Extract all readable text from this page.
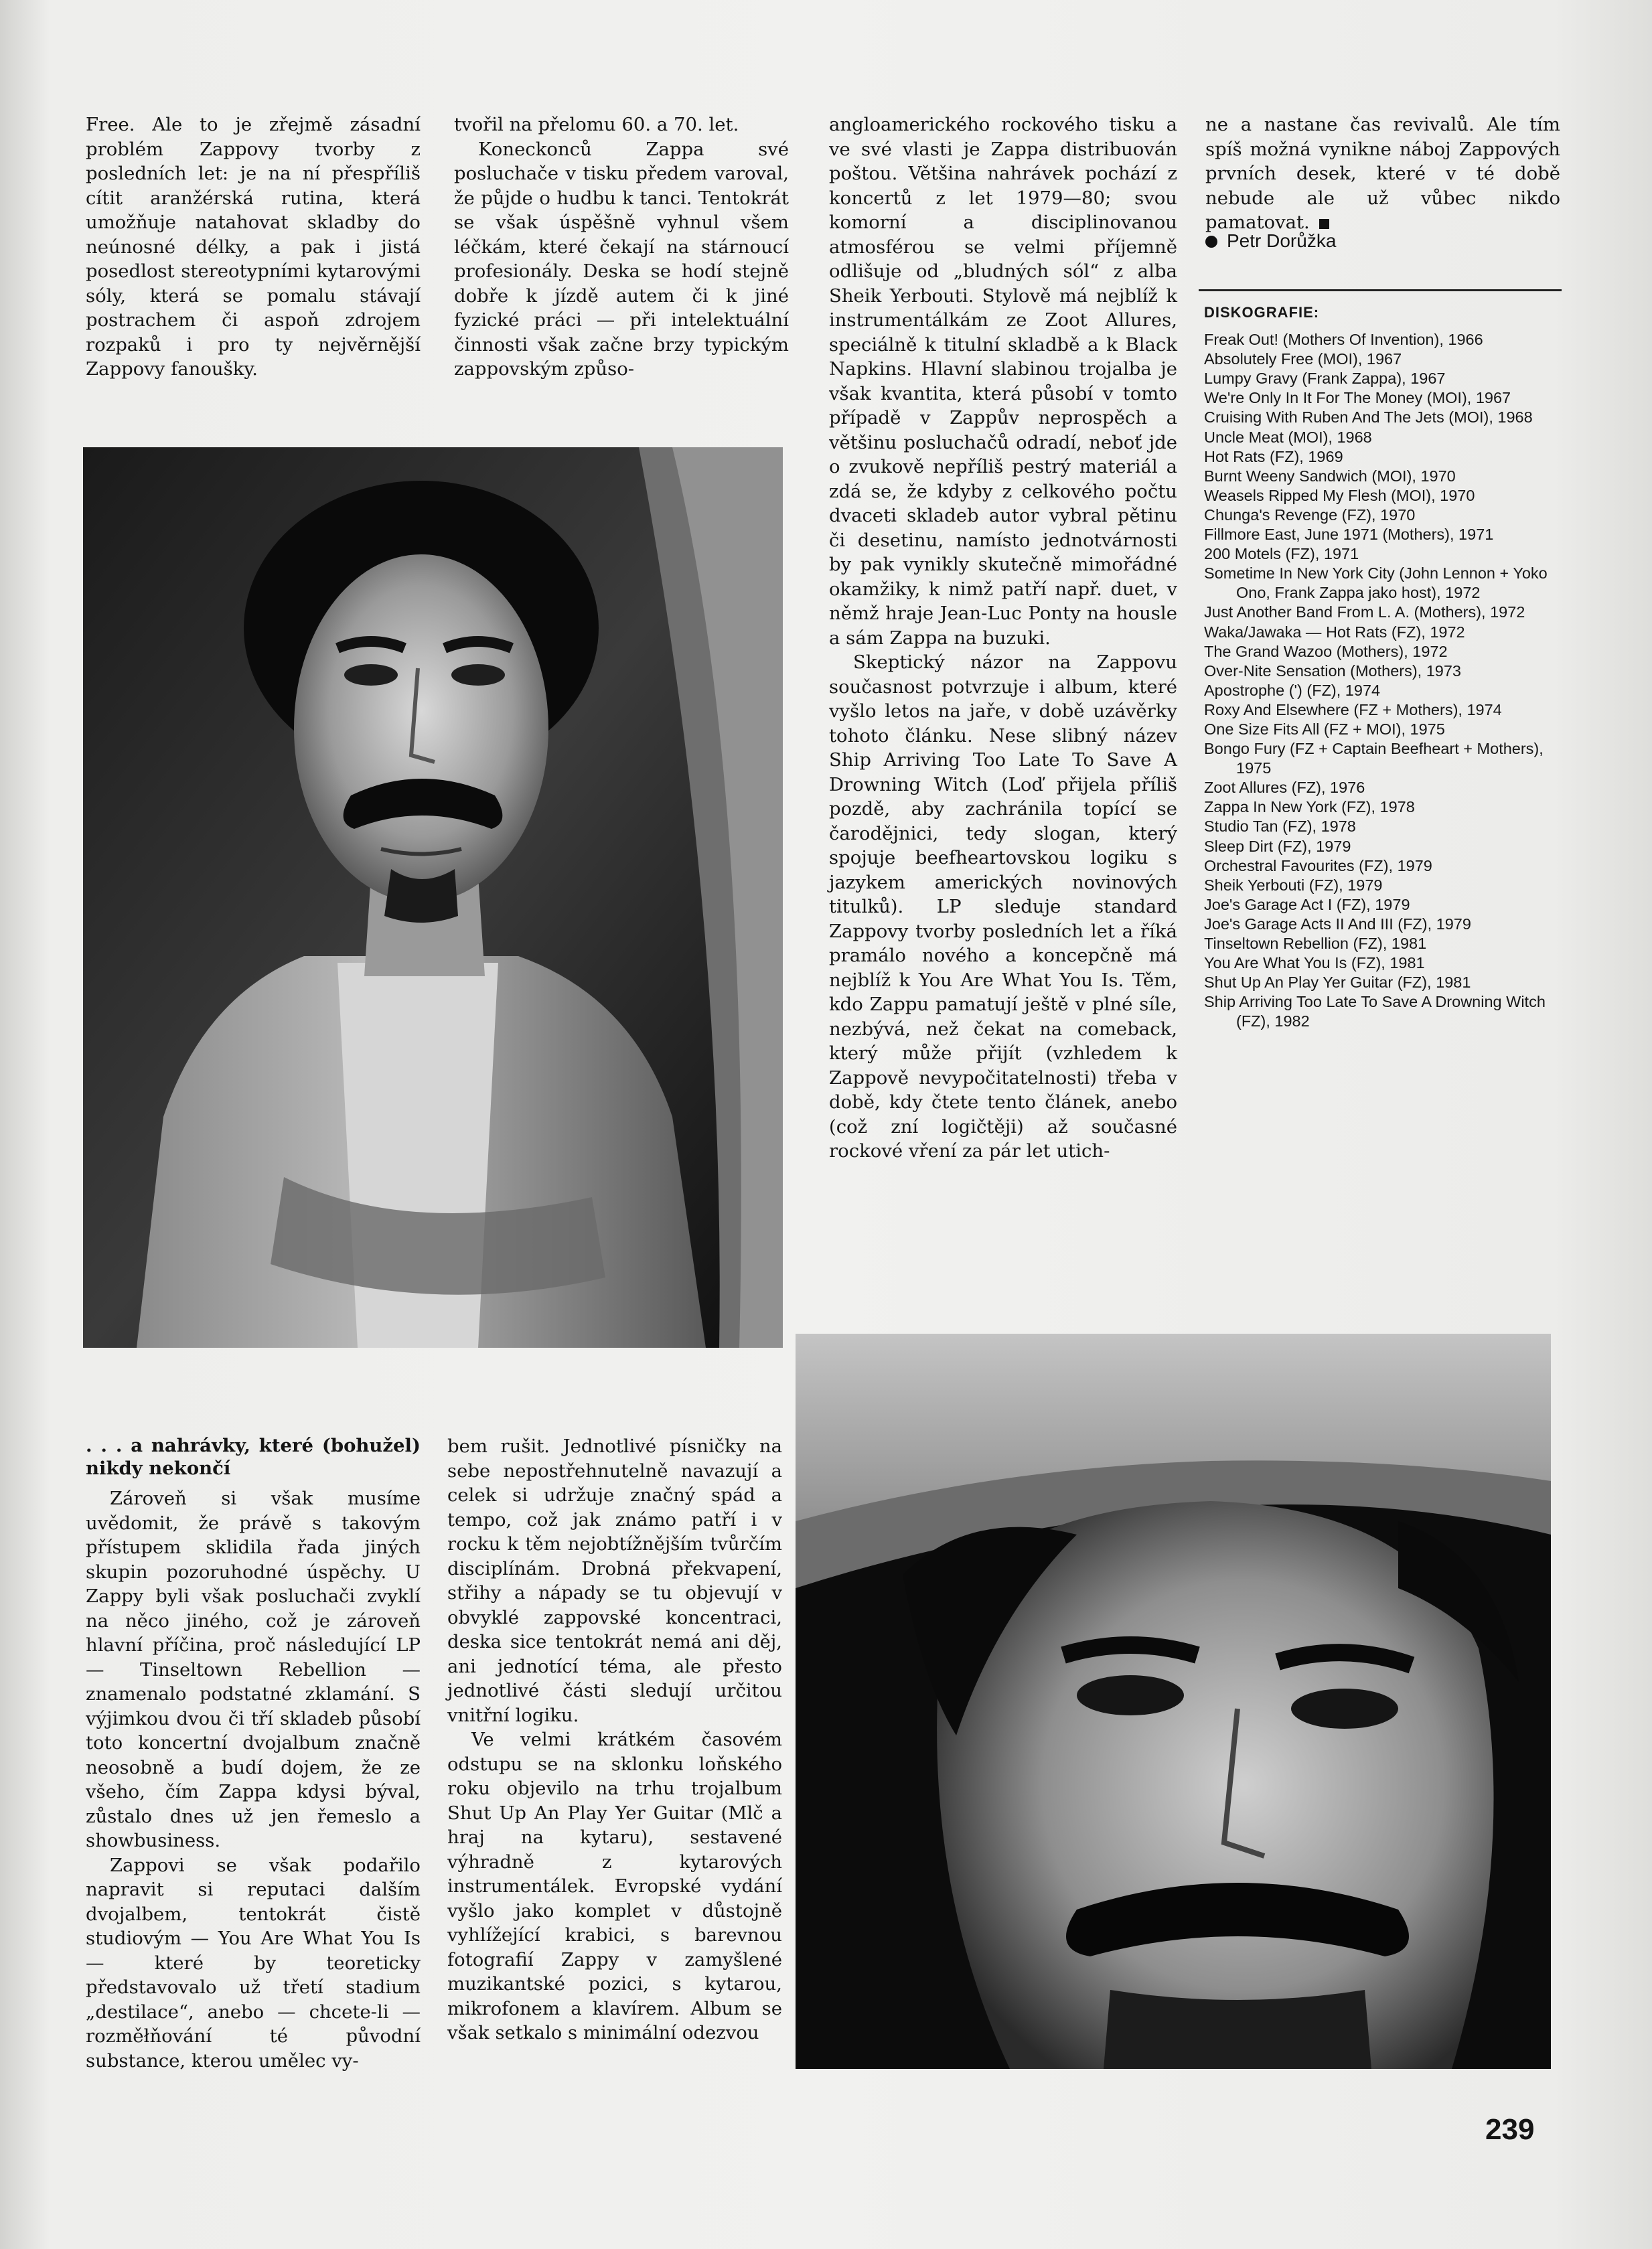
Free. Ale to je zřejmě zásadní problém Zappovy tvorby z posledních let: je na ní přespříliš cítit aranžérská rutina, která umožňuje natahovat skladby do neúnosné délky, a pak i jistá posedlost stereotypními kytarovými sóly, která se pomalu stávají postrachem či aspoň zdrojem rozpaků i pro ty nejvěrnější Zappovy fanoušky.

tvořil na přelomu 60. a 70. let.

Koneckonců Zappa své posluchače v tisku předem varoval, že půjde o hudbu k tanci. Tentokrát se však úspěšně vyhnul všem léčkám, které čekají na stárnoucí profesionály. Deska se hodí stejně dobře k jízdě autem či k jiné fyzické práci — při intelektuální činnosti však začne brzy typickým zappovským způso-

angloamerického rockového tisku a ve své vlasti je Zappa distribuován poštou. Většina nahrávek pochází z koncertů z let 1979—80; svou komorní a disciplinovanou atmosférou se velmi příjemně odlišuje od „bludných sól“ z alba Sheik Yerbouti. Stylově má nejblíž k instrumentálkám ze Zoot Allures, speciálně k titulní skladbě a k Black Napkins. Hlavní slabinou trojalba je však kvantita, která působí v tomto případě v Zappův neprospěch a většinu posluchačů odradí, neboť jde o zvukově nepříliš pestrý materiál a zdá se, že kdyby z celkového počtu dvaceti skladeb autor vybral pětinu či desetinu, namísto jednotvárnosti by pak vynikly skutečně mimořádné okamžiky, k nimž patří např. duet, v němž hraje Jean-Luc Ponty na housle a sám Zappa na buzuki.

Skeptický názor na Zappovu současnost potvrzuje i album, které vyšlo letos na jaře, v době uzávěrky tohoto článku. Nese slibný název Ship Arriving Too Late To Save A Drowning Witch (Loď přijela příliš pozdě, aby zachránila topící se čarodějnici, tedy slogan, který spojuje beefheartovskou logiku s jazykem amerických novinových titulků). LP sleduje standard Zappovy tvorby posledních let a říká pramálo nového a koncepčně má nejblíž k You Are What You Is. Těm, kdo Zappu pamatují ještě v plné síle, nezbývá, než čekat na comeback, který může přijít (vzhledem k Zappově nevypočitatelnosti) třeba v době, kdy čtete tento článek, anebo (což zní logičtěji) až současné rockové vření za pár let utich-

ne a nastane čas revivalů. Ale tím spíš možná vynikne náboj Zappových prvních desek, které v té době nebude ale už vůbec nikdo pamatovat.

Petr Dorůžka
DISKOGRAFIE:
Freak Out! (Mothers Of Invention), 1966
Absolutely Free (MOI), 1967
Lumpy Gravy (Frank Zappa), 1967
We're Only In It For The Money (MOI), 1967
Cruising With Ruben And The Jets (MOI), 1968
Uncle Meat (MOI), 1968
Hot Rats (FZ), 1969
Burnt Weeny Sandwich (MOI), 1970
Weasels Ripped My Flesh (MOI), 1970
Chunga's Revenge (FZ), 1970
Fillmore East, June 1971 (Mothers), 1971
200 Motels (FZ), 1971
Sometime In New York City (John Lennon + Yoko Ono, Frank Zappa jako host), 1972
Just Another Band From L. A. (Mothers), 1972
Waka/Jawaka — Hot Rats (FZ), 1972
The Grand Wazoo (Mothers), 1972
Over-Nite Sensation (Mothers), 1973
Apostrophe (') (FZ), 1974
Roxy And Elsewhere (FZ + Mothers), 1974
One Size Fits All (FZ + MOI), 1975
Bongo Fury (FZ + Captain Beefheart + Mothers), 1975
Zoot Allures (FZ), 1976
Zappa In New York (FZ), 1978
Studio Tan (FZ), 1978
Sleep Dirt (FZ), 1979
Orchestral Favourites (FZ), 1979
Sheik Yerbouti (FZ), 1979
Joe's Garage Act I (FZ), 1979
Joe's Garage Acts II And III (FZ), 1979
Tinseltown Rebellion (FZ), 1981
You Are What You Is (FZ), 1981
Shut Up An Play Yer Guitar (FZ), 1981
Ship Arriving Too Late To Save A Drowning Witch (FZ), 1982

. . . a nahrávky, které (bohužel) nikdy nekončí

Zároveň si však musíme uvědomit, že právě s takovým přístupem sklidila řada jiných skupin pozoruhodné úspěchy. U Zappy byli však posluchači zvyklí na něco jiného, což je zároveň hlavní příčina, proč následující LP — Tinseltown Rebellion — znamenalo podstatné zklamání. S výjimkou dvou či tří skladeb působí toto koncertní dvojalbum značně neosobně a budí dojem, že ze všeho, čím Zappa kdysi býval, zůstalo dnes už jen řemeslo a showbusiness.

Zappovi se však podařilo napravit si reputaci dalším dvojalbem, tentokrát čistě studiovým — You Are What You Is — které by teoreticky představovalo už třetí stadium „destilace“, anebo — chcete-li — rozměłňování té původní substance, kterou umělec vy-

bem rušit. Jednotlivé písničky na sebe nepostřehnutelně navazují a celek si udržuje značný spád a tempo, což jak známo patří i v rocku k těm nejobtížnějším tvůrčím disciplínám. Drobná překvapení, střihy a nápady se tu objevují v obvyklé zappovské koncentraci, deska sice tentokrát nemá ani děj, ani jednotící téma, ale přesto jednotlivé části sledují určitou vnitřní logiku.

Ve velmi krátkém časovém odstupu se na sklonku loňského roku objevilo na trhu trojalbum Shut Up An Play Yer Guitar (Mlč a hraj na kytaru), sestavené výhradně z kytarových instrumentálek. Evropské vydání vyšlo jako komplet v důstojně vyhlížející krabici, s barevnou fotografií Zappy v zamyšlené muzikantské pozici, s kytarou, mikrofonem a klavírem. Album se však setkalo s minimální odezvou

239
